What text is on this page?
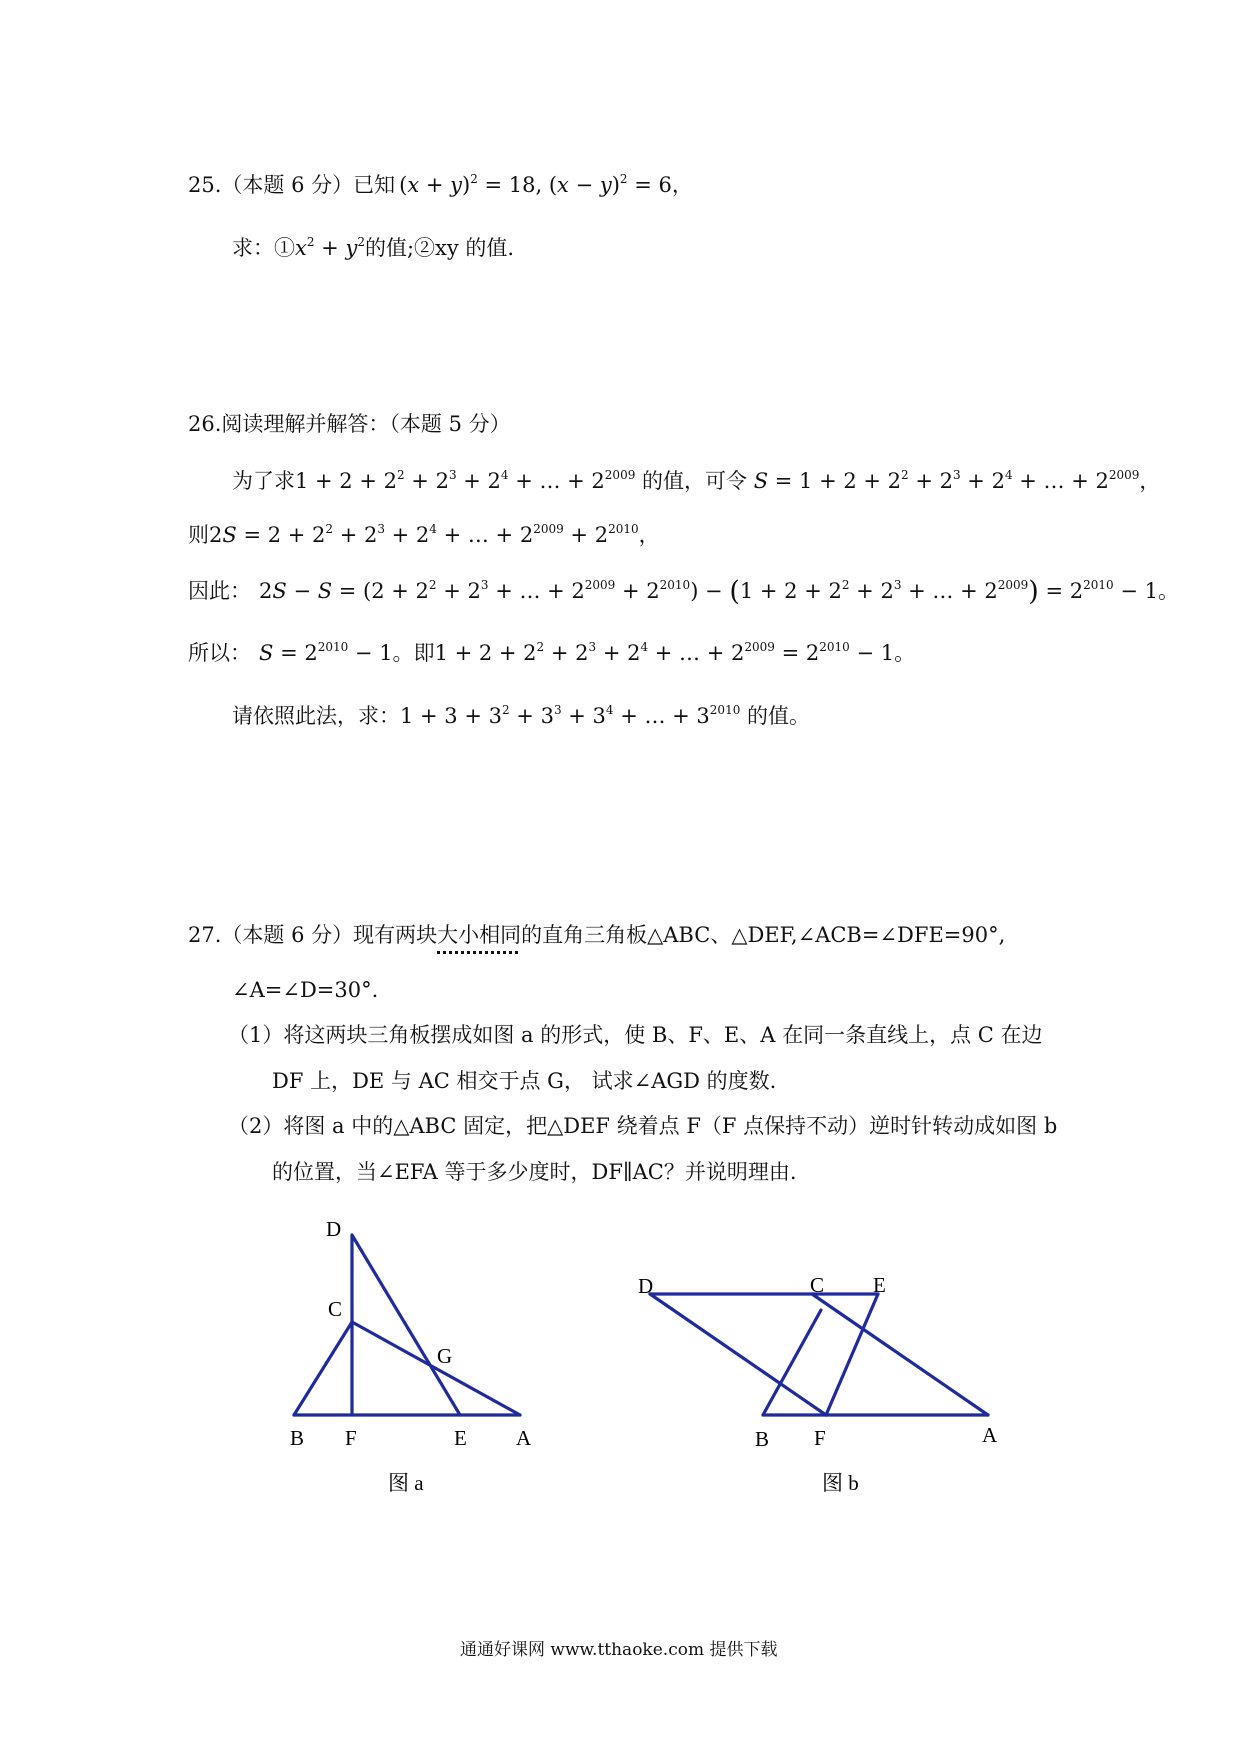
25.（本题 6 分）已知 $(x + y)^2 = 18$, $(x - y)^2 = 6$，
求：$①x^2 + y^2$的值;②xy 的值.
26.阅读理解并解答：（本题 5 分）
为了求$1 + 2 + 2^2 + 2^3 + 2^4$ + … + $2^{2009}$ 的值，可令 $S = 1 + 2 + 2^2 + 2^3 + 2^4$ + … + $2^{2009}$，
则$2S = 2 + 2^2 + 2^3 + 2^4$ + … + $2^{2009} + 2^{2010}$，
因此： $2S - S = (2 + 2^2 + 2^3$ + … + $2^{2009} + 2^{2010}) - (1 + 2 + 2^2 + 2^3$ + … + $2^{2009}) = 2^{2010} - 1$。
所以： $S = 2^{2010} - 1$。即$1 + 2 + 2^2 + 2^3 + 2^4$ + … + $2^{2009} = 2^{2010} - 1$。
请依照此法，求：$1 + 3 + 3^2 + 3^3 + 3^4$ + … + $3^{2010}$ 的值。
27.（本题 6 分）现有两块大小相同的直角三角板△ABC、△DEF,∠ACB=∠DFE=90°,
∠A=∠D=30°.
（1）将这两块三角板摆成如图 a 的形式，使 B、F、E、A 在同一条直线上，点 C 在边
DF 上，DE 与 AC 相交于点 G， 试求∠AGD 的度数.
（2）将图 a 中的△ABC 固定，把△DEF 绕着点 F（F 点保持不动）逆时针转动成如图 b
的位置，当∠EFA 等于多少度时，DF∥AC？并说明理由.
D
C
G
B F	E A
图 a
D	C E
B F	A
图 b
通通好课网 www.tthaoke.com 提供下载
